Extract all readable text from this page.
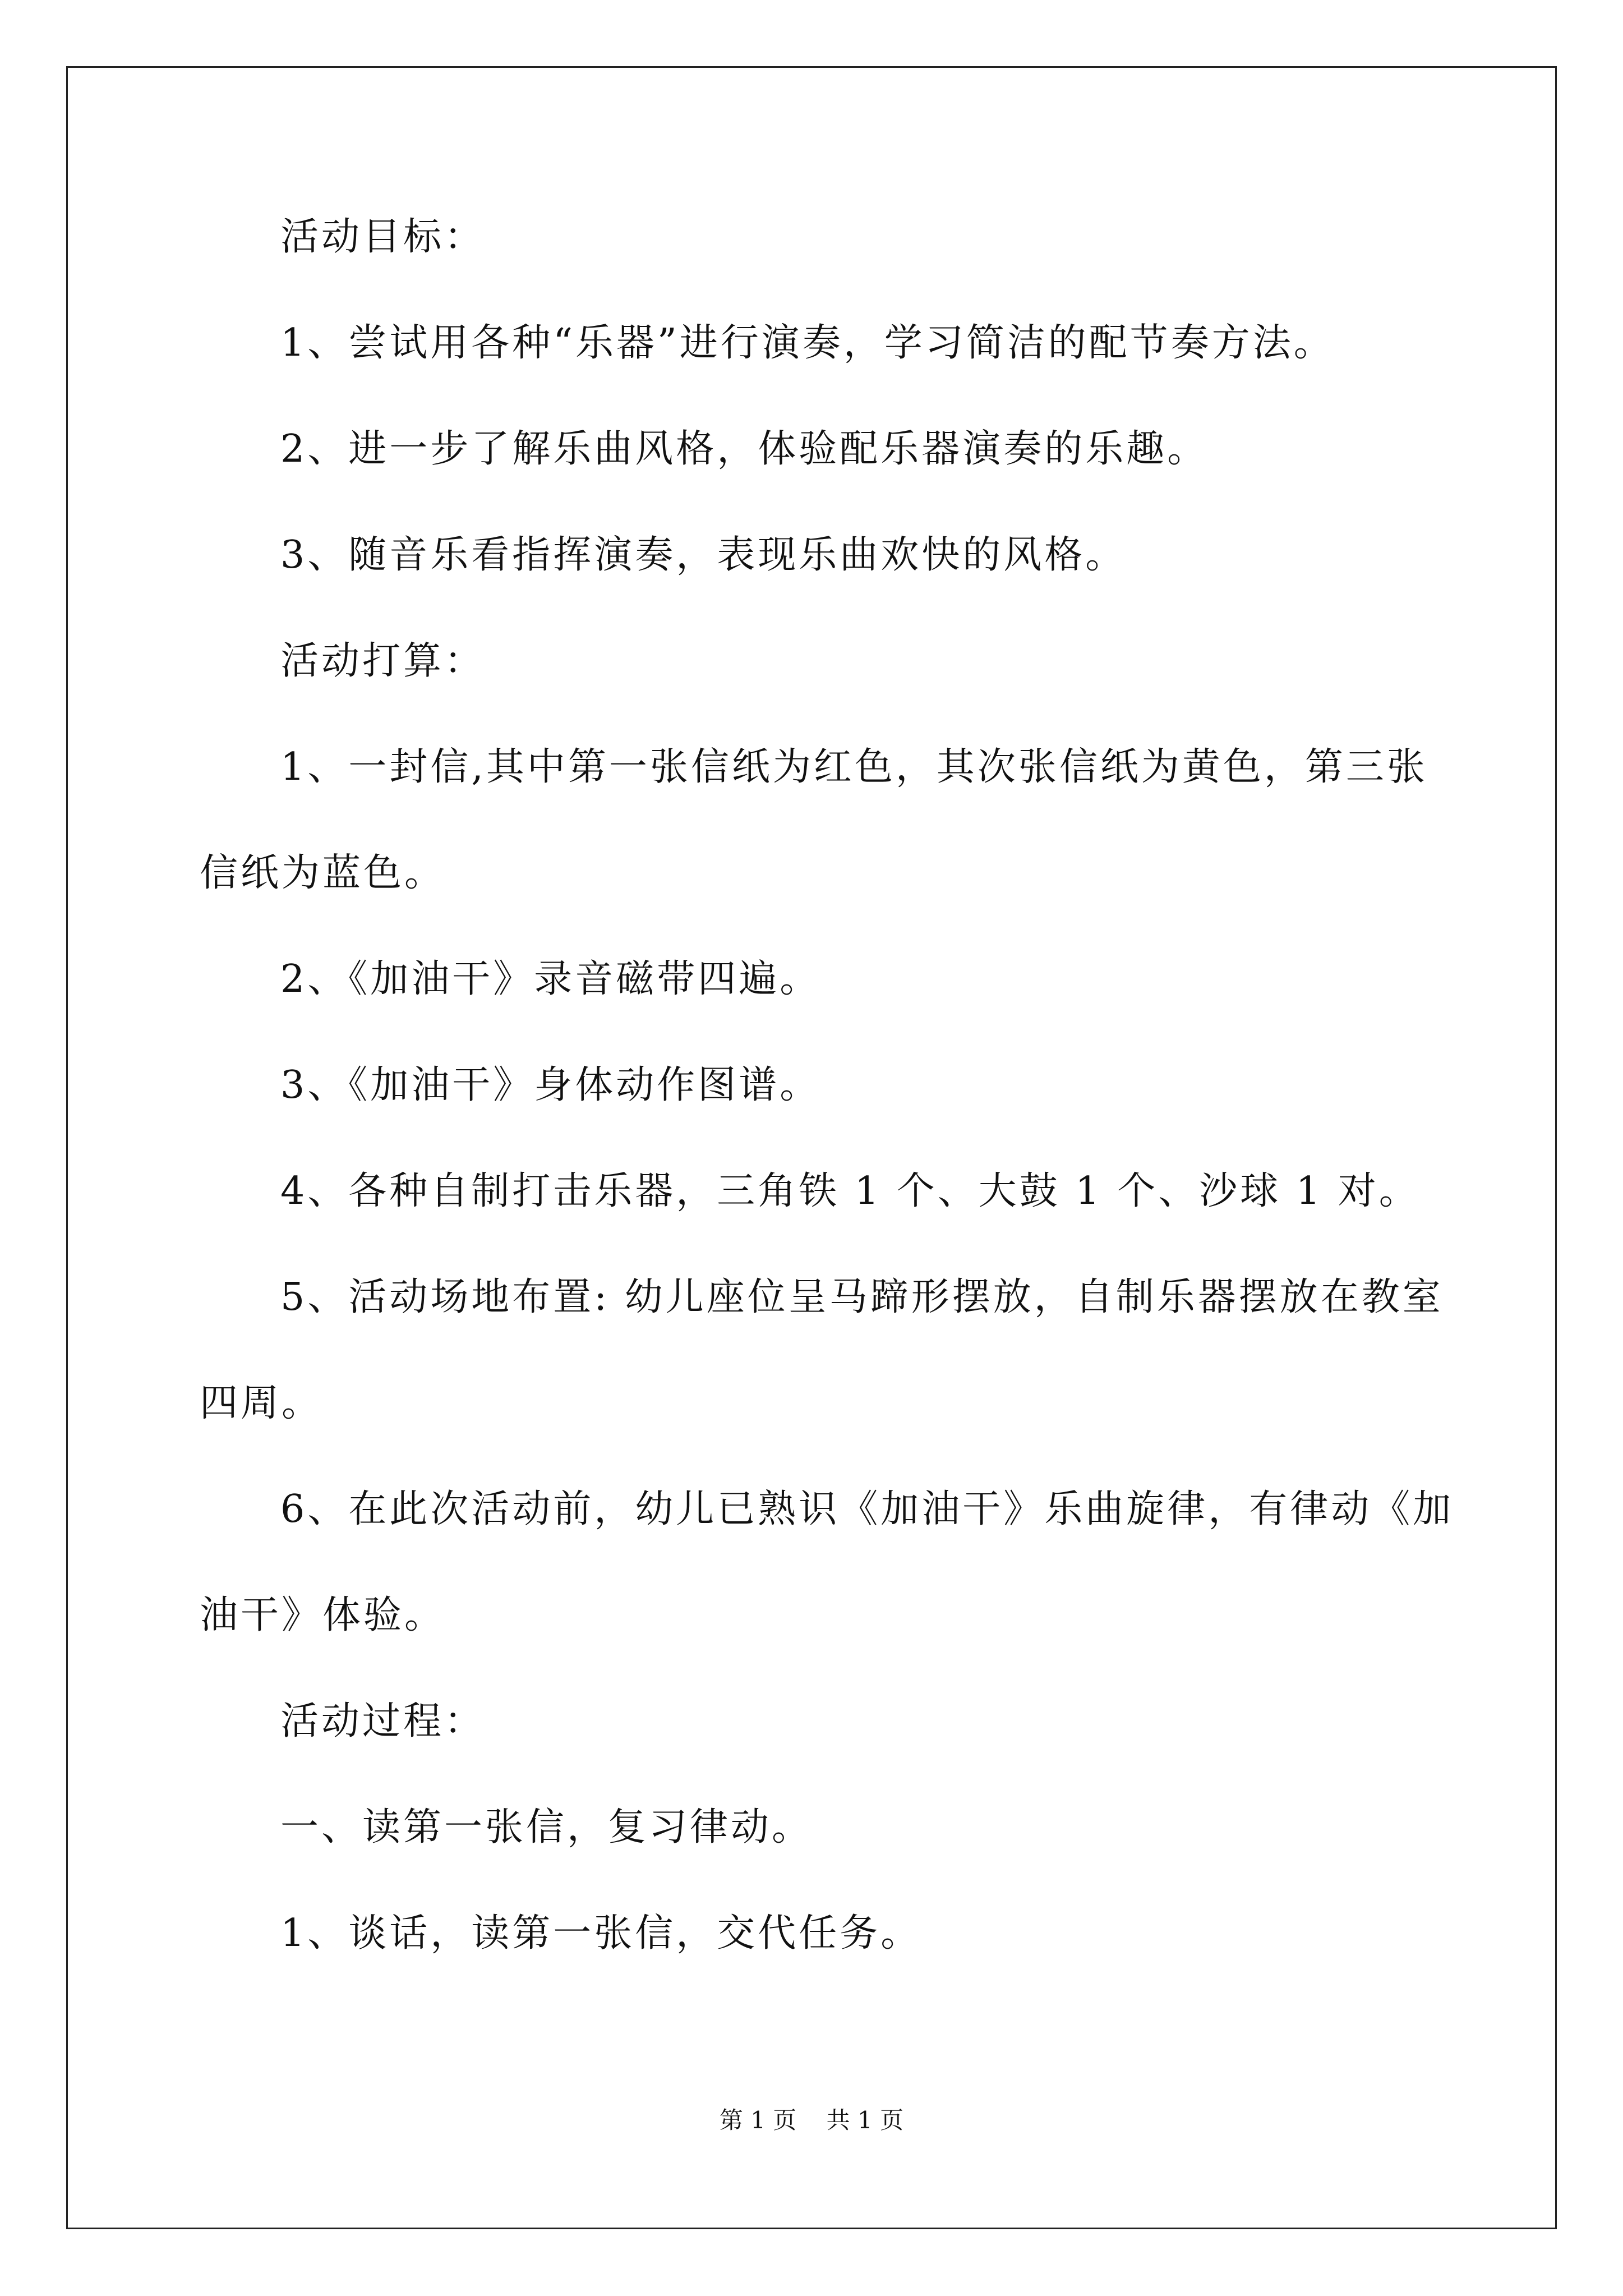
活动目标：

1、尝试用各种“乐器”进行演奏，学习简洁的配节奏方法。

2、进一步了解乐曲风格，体验配乐器演奏的乐趣。

3、随音乐看指挥演奏，表现乐曲欢快的风格。

活动打算：

1、一封信,其中第一张信纸为红色，其次张信纸为黄色，第三张
信纸为蓝色。

2、《加油干》录音磁带四遍。

3、《加油干》身体动作图谱。

4、各种自制打击乐器，三角铁 1 个、大鼓 1 个、沙球 1 对。

5、活动场地布置: 幼儿座位呈马蹄形摆放，自制乐器摆放在教室
四周。
6、在此次活动前，幼儿已熟识《加油干》乐曲旋律，有律动《加
油干》体验。

活动过程：

一、读第一张信，复习律动。

1、谈话，读第一张信，交代任务。

第 1 页 共 1 页
